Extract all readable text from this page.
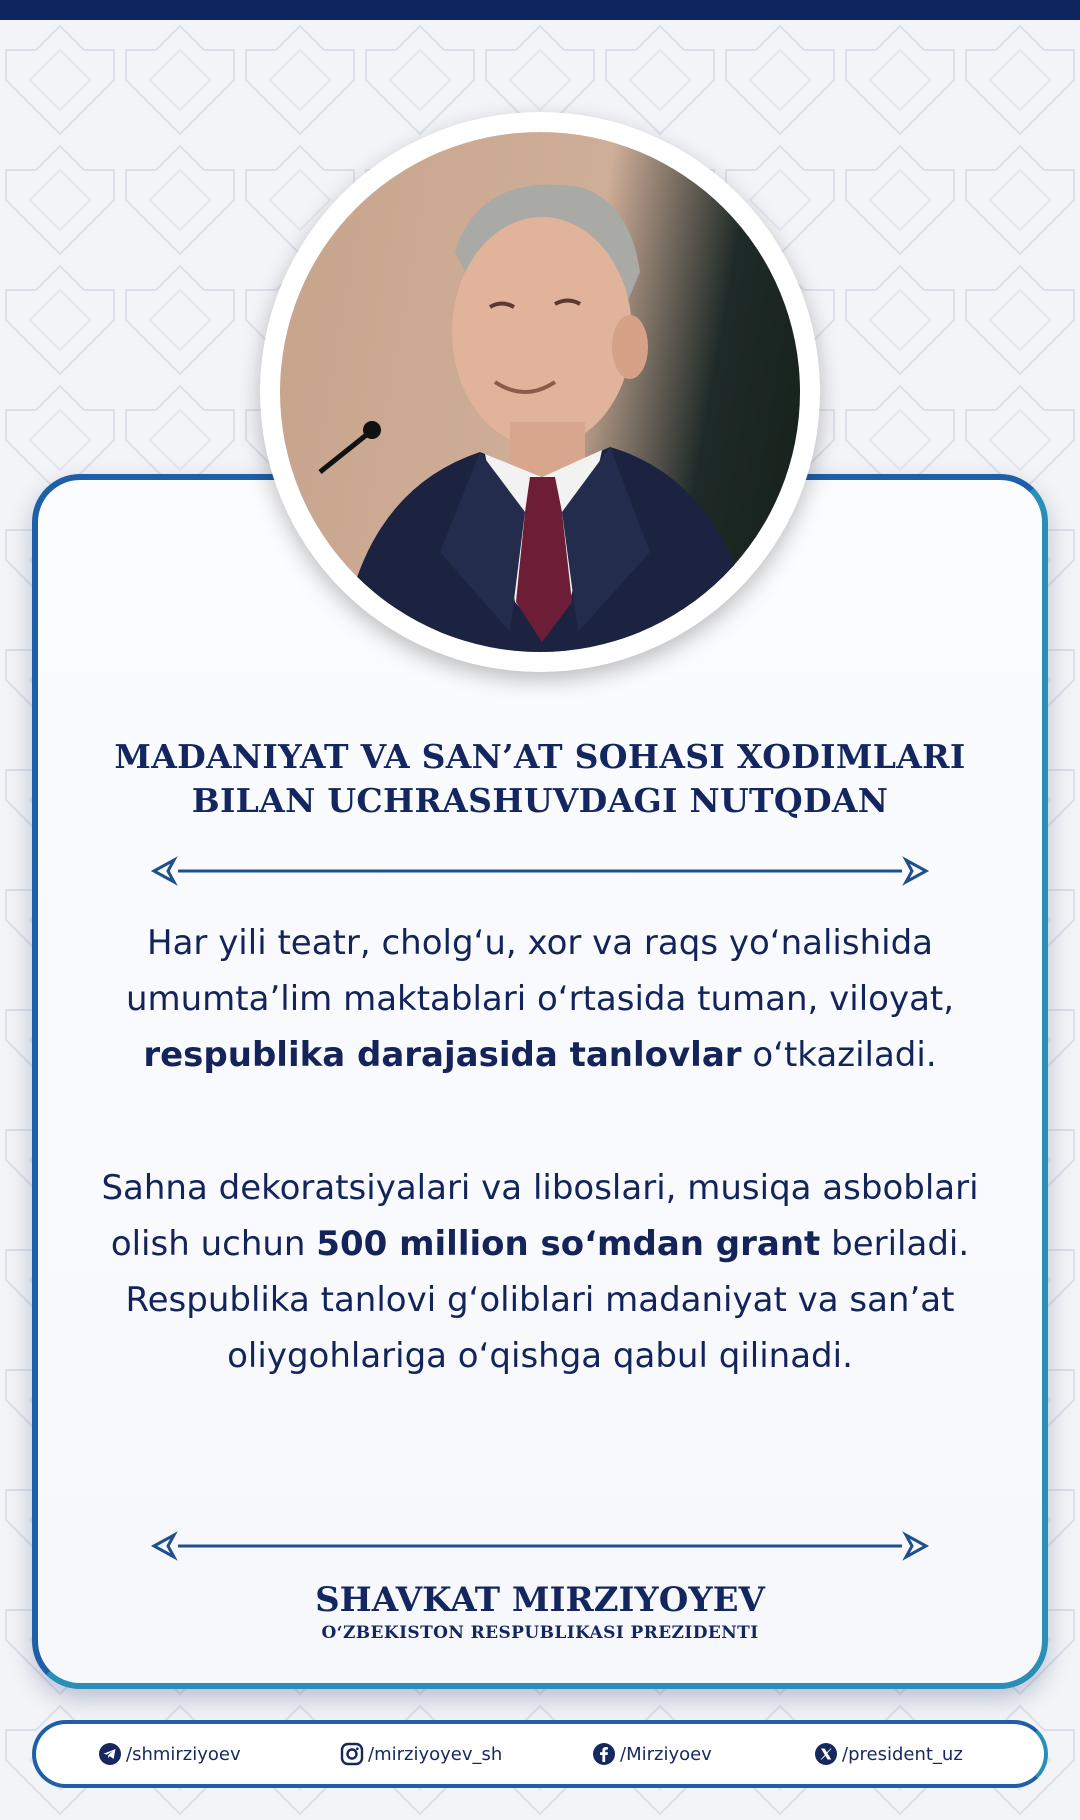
MADANIYAT VA SAN’AT SOHASI XODIMLARI
BILAN UCHRASHUVDAGI NUTQDAN

Har yili teatr, cholg‘u, xor va raqs yo‘nalishida umumta’lim maktablari o‘rtasida tuman, viloyat, respublika darajasida tanlovlar o‘tkaziladi.

Sahna dekoratsiyalari va liboslari, musiqa asboblari olish uchun 500 million so‘mdan grant beriladi. Respublika tanlovi g‘oliblari madaniyat va san’at oliygohlariga o‘qishga qabul qilinadi.

SHAVKAT MIRZIYOYEV
O‘ZBEKISTON RESPUBLIKASI PREZIDENTI
/shmirziyoev	/mirziyoyev_sh	/Mirziyoev	/president_uz
